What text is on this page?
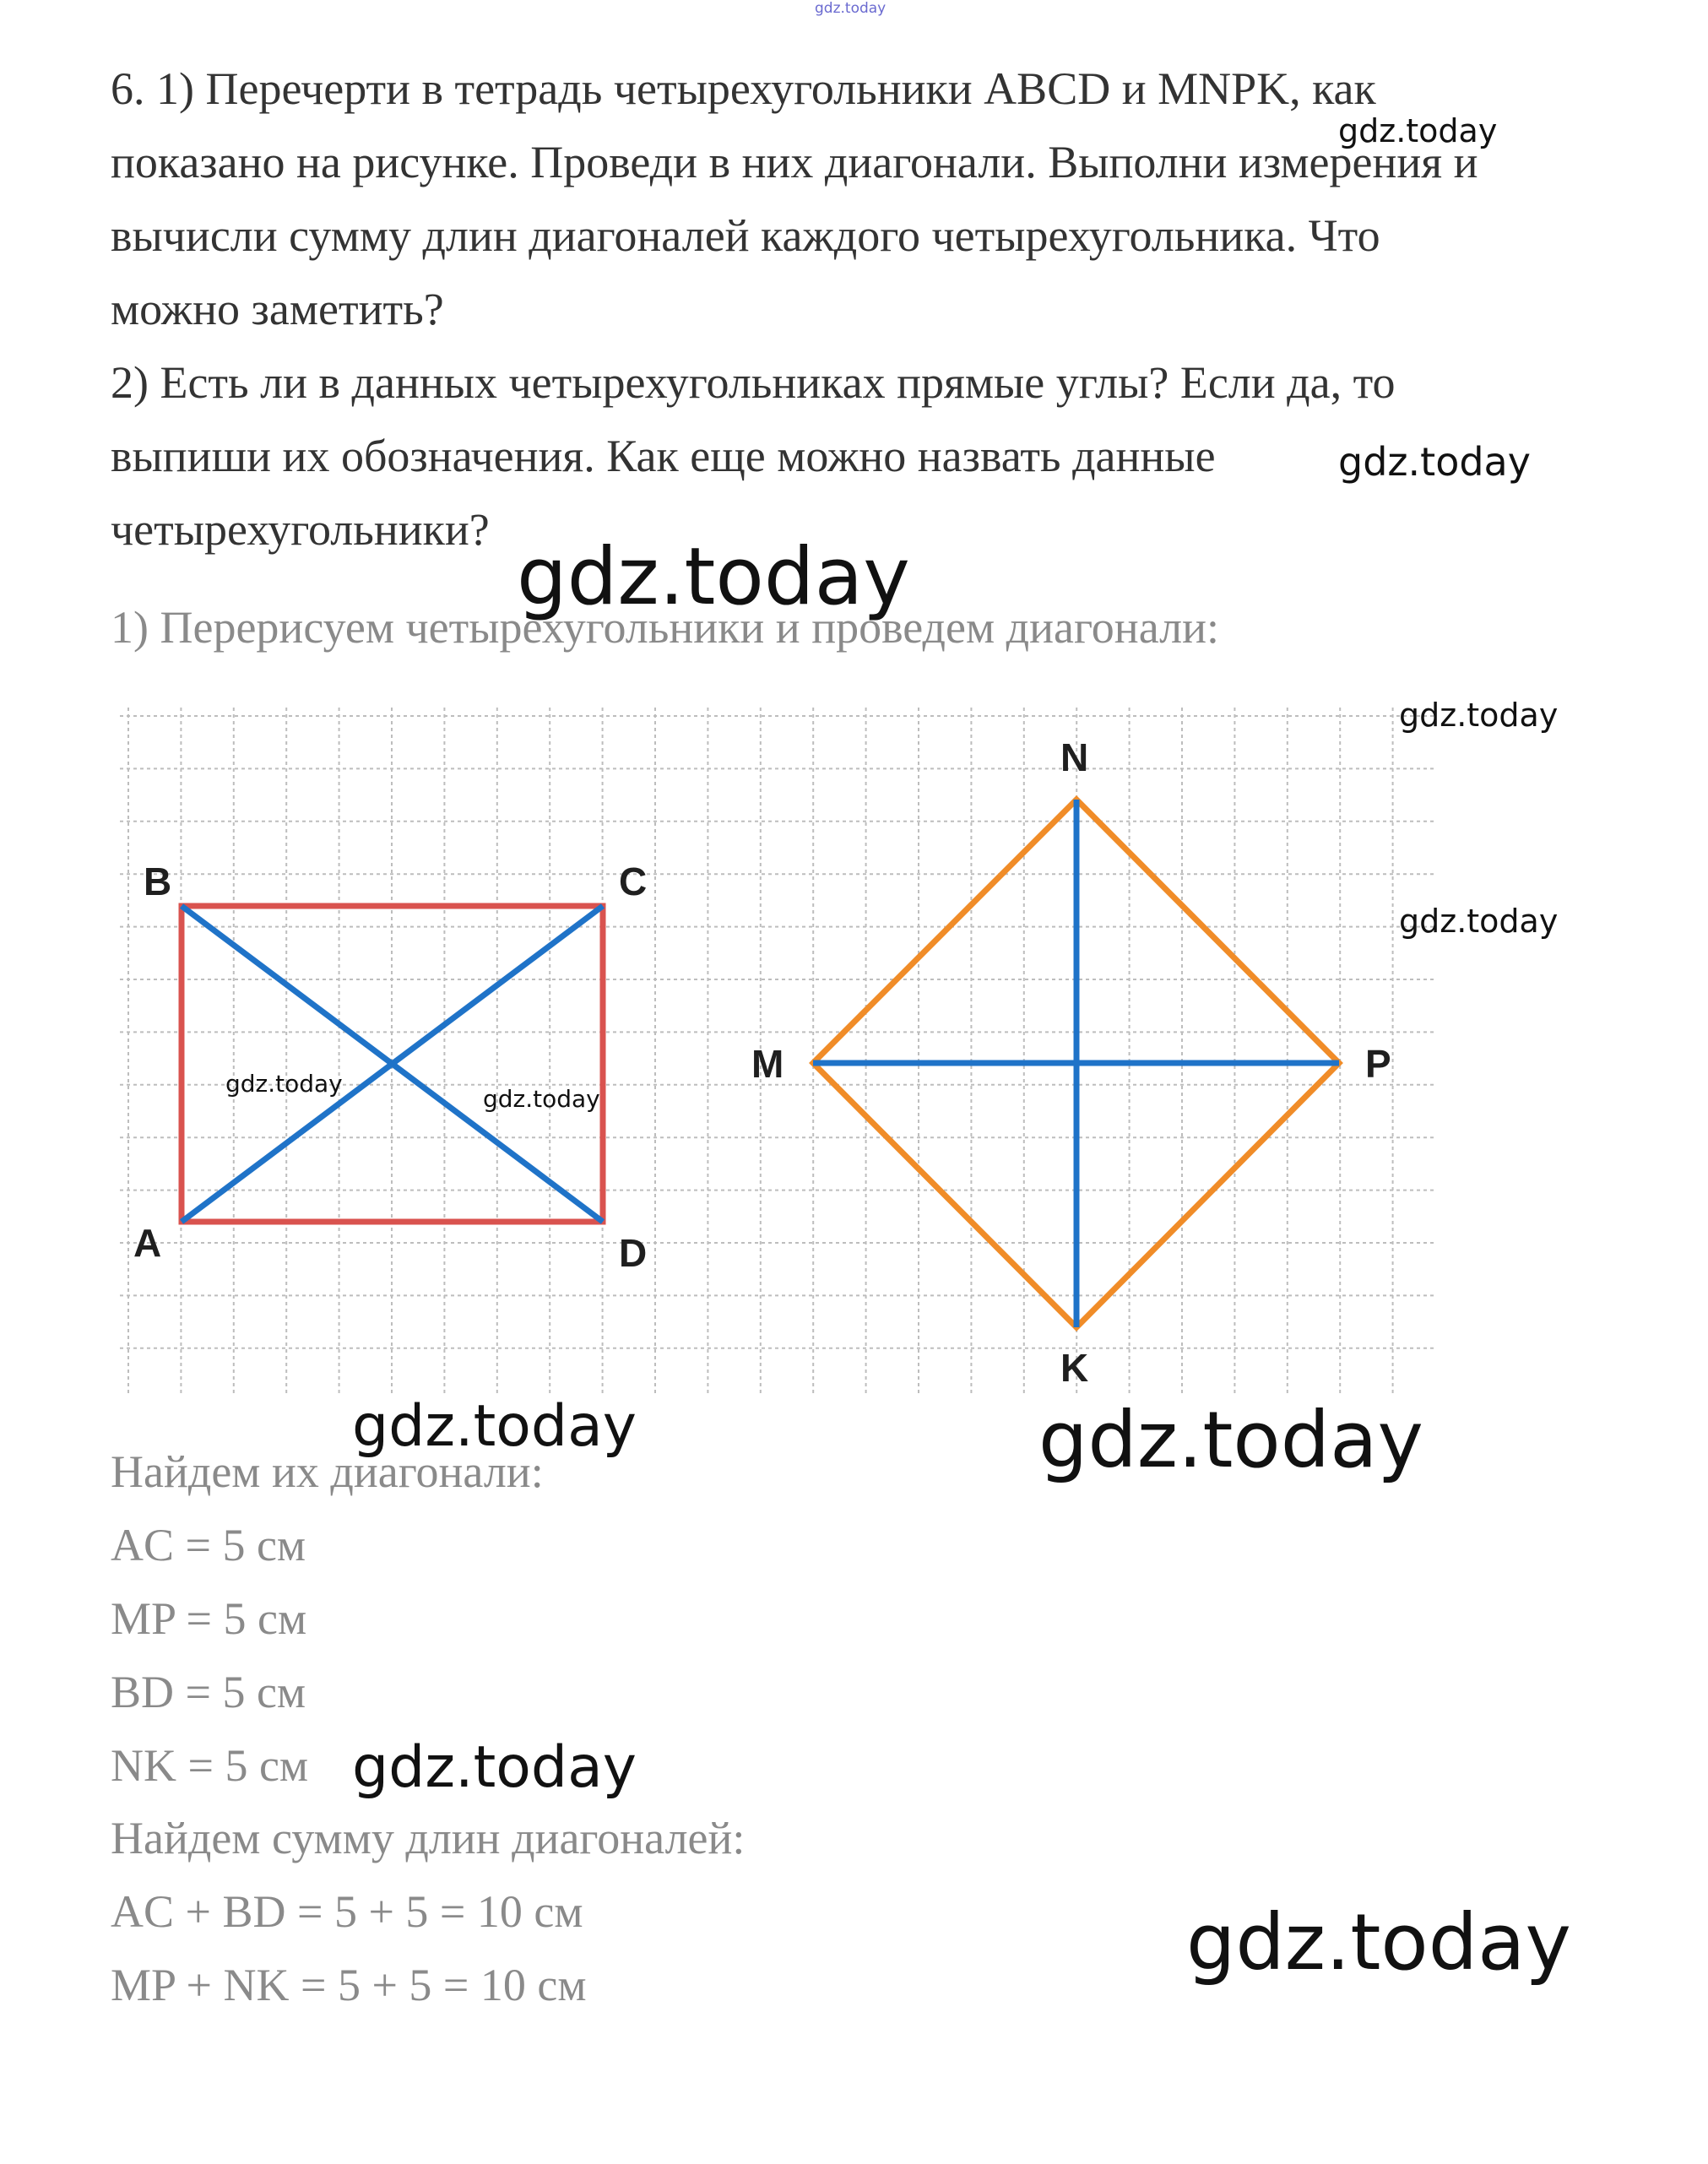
gdz.today

6. 1) Перечерти в тетрадь четырехугольники ABCD и MNPK, как

показано на рисунке. Проведи в них диагонали. Выполни измерения и

вычисли сумму длин диагоналей каждого четырехугольника. Что

можно заметить?

2) Есть ли в данных четырехугольниках прямые углы? Если да, то

выпиши их обозначения. Как еще можно назвать данные

четырехугольники?

1) Перерисуем четырехугольники и проведем диагонали:
B	C
A	D
N
M	P
K
Найдем их диагонали:
AC = 5 см
MP = 5 см
BD = 5 см
NK = 5 см
Найдем сумму длин диагоналей:
AC + BD = 5 + 5 = 10 см
MP + NK = 5 + 5 = 10 см
gdz.today
gdz.today
gdz.today
gdz.today
gdz.today
gdz.today
gdz.today
gdz.today	gdz.today
gdz.today
gdz.today
